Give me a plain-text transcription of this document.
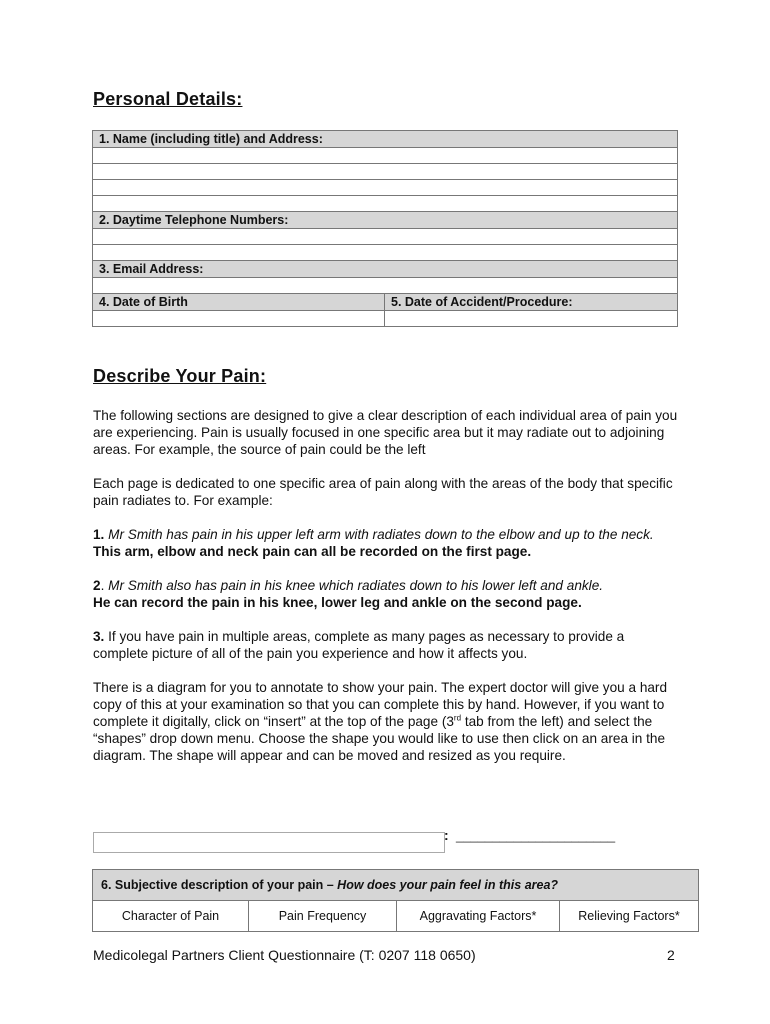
Personal Details:
1. Name (including title) and Address:	

2. Daytime Telephone Numbers:	

3. Email Address:	

4. Date of Birth	5. Date of Accident/Procedure:

Describe Your Pain:

The following sections are designed to give a clear description of each individual area of pain you are experiencing. Pain is usually focused in one specific area but it may radiate out to adjoining areas. For example, the source of pain could be the left

Each page is dedicated to one specific area of pain along with the areas of the body that specific pain radiates to. For example:

1. Mr Smith has pain in his upper left arm with radiates down to the elbow and up to the neck.
This arm, elbow and neck pain can all be recorded on the first page.

2. Mr Smith also has pain in his knee which radiates down to his lower left and ankle.
He can record the pain in his knee, lower leg and ankle on the second page.

3. If you have pain in multiple areas, complete as many pages as necessary to provide a complete picture of all of the pain you experience and how it affects you.

There is a diagram for you to annotate to show your pain. The expert doctor will give you a hard copy of this at your examination so that you can complete this by hand. However, if you want to complete it digitally, click on “insert” at the top of the page (3rd tab from the left) and select the “shapes” drop down menu. Choose the shape you would like to use then click on an area in the diagram. The shape will appear and can be moved and resized as you require.

: ______________________
6. Subjective description of your pain – How does your pain feel in this area?
Character of Pain	Pain Frequency	Aggravating Factors*	Relieving Factors*
Medicolegal Partners Client Questionnaire (T: 0207 118 0650)	2
